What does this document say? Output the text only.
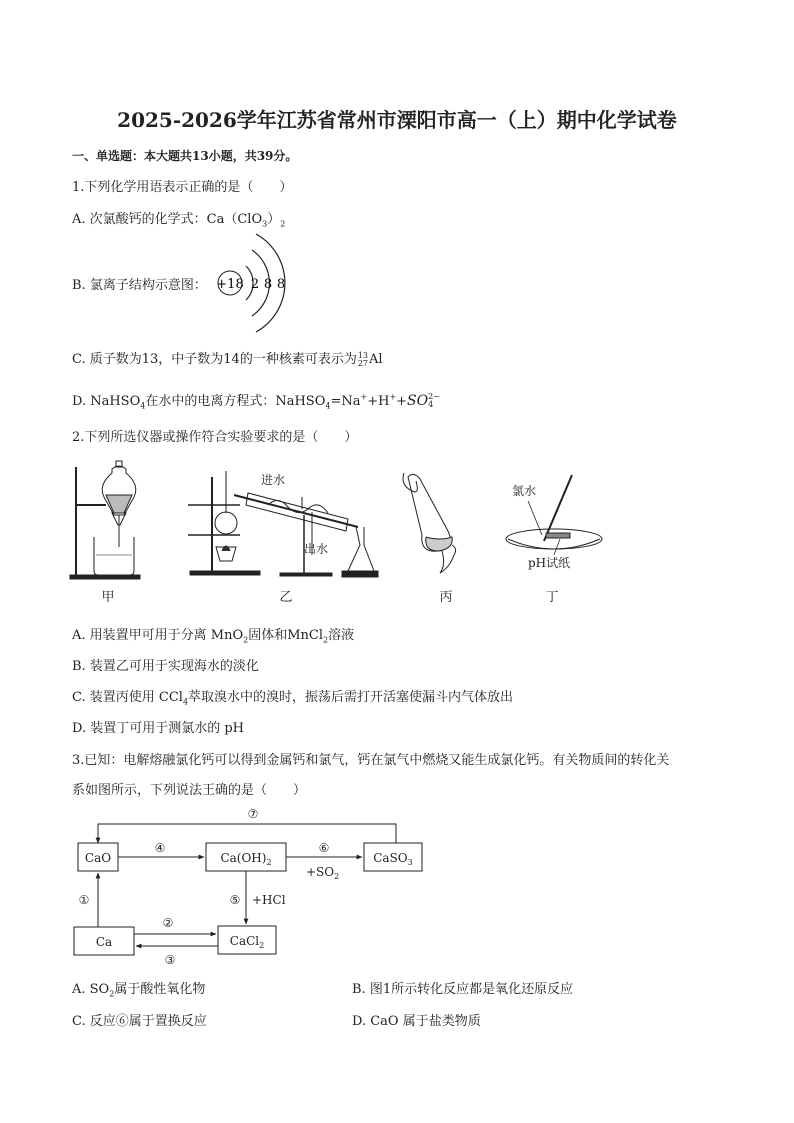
2025-2026学年江苏省常州市溧阳市高一（上）期中化学试卷
一、单选题：本大题共13小题，共39分。
1.下列化学用语表示正确的是（　　）
A. 次氯酸钙的化学式：$Ca(ClO_3)_2$
B. 氯离子结构示意图： +18 2 8 8
C. 质子数为13，中子数为14的一种核素可表示为 13
27 Al
D. NaHSO$_4$在水中的电离方程式：NaHSO$_4$=Na++H++SO 2−
4
2.下列所选仪器或操作符合实验要求的是（　　）
进水
出水
氯水
pH试纸
甲	乙	丙	丁
A. 用装置甲可用于分离 MnO$_2$固体和MnCl$_2$溶液
B. 装置乙可用于实现海水的淡化
C. 装置丙使用 CCl$_4$萃取溴水中的溴时，振荡后需打开活塞使漏斗内气体放出
D. 装置丁可用于测氯水的 pH
3.已知：电解熔融氯化钙可以得到金属钙和氯气，钙在氯气中燃烧又能生成氯化钙。有关物质间的转化关
系如图所示，下列说法王确的是（　　）
CaO	$Ca(OH)_2$	CaSO$_3$
Ca	CaCl$_2$
⑦
④	⑥
$+SO_2$
①	⑤ +HCl
②
③
A. $SO_2$属于酸性氧化物	B. 图1所示转化反应都是氧化还原反应
C. 反应⑥属于置换反应	D. CaO 属于盐类物质
